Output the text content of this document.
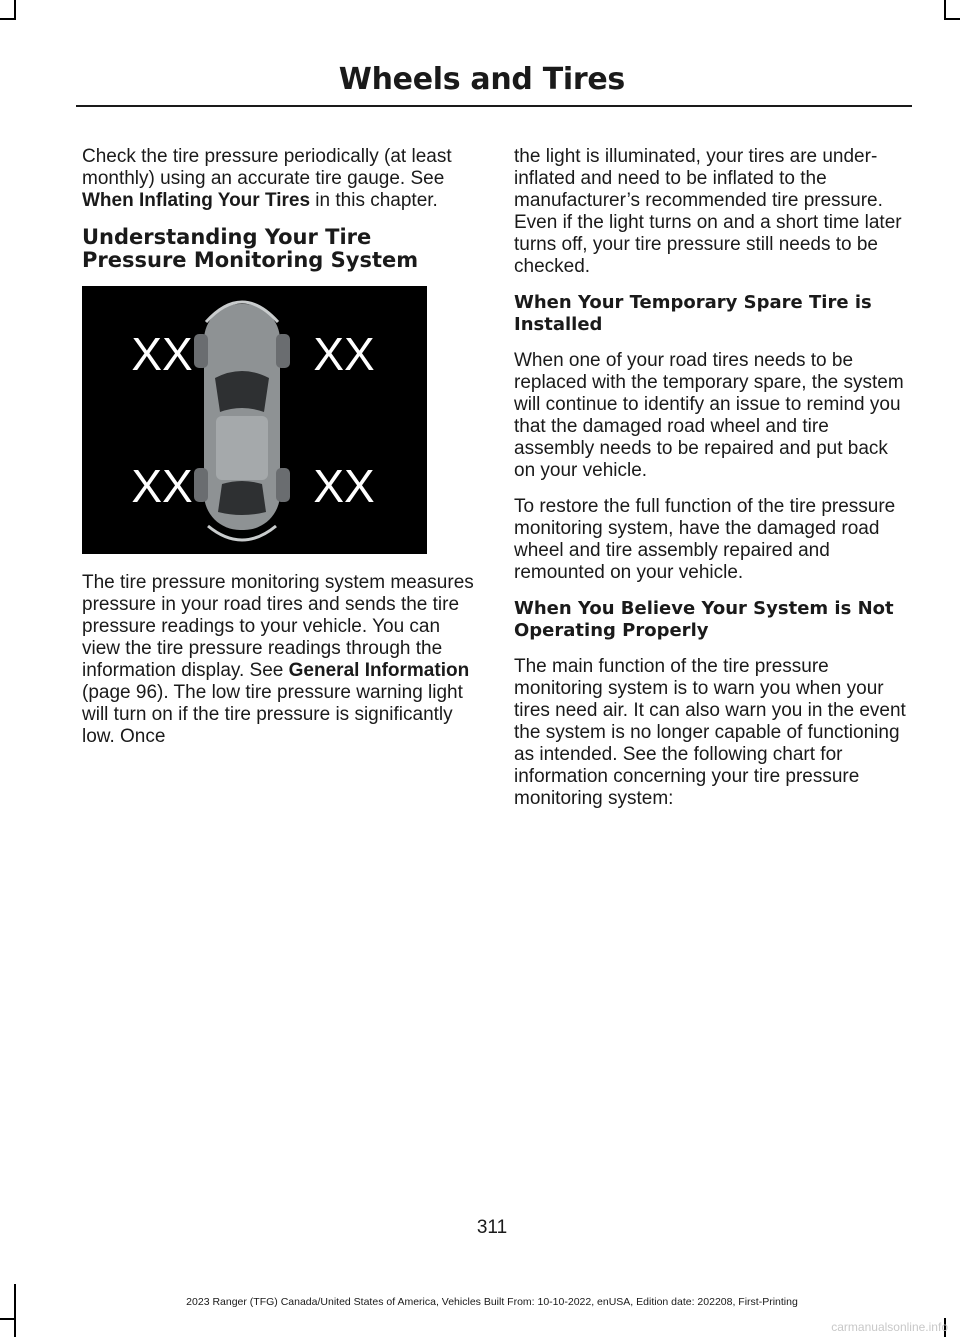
Wheels and Tires

Check the tire pressure periodically (at least monthly) using an accurate tire gauge. See When Inflating Your Tires in this chapter.

Understanding Your Tire Pressure Monitoring System
XX	XX
XX	XX

The tire pressure monitoring system measures pressure in your road tires and sends the tire pressure readings to your vehicle. You can view the tire pressure readings through the information display. See General Information (page 96). The low tire pressure warning light will turn on if the tire pressure is significantly low. Once

the light is illuminated, your tires are under-inflated and need to be inflated to the manufacturer’s recommended tire pressure. Even if the light turns on and a short time later turns off, your tire pressure still needs to be checked.

When Your Temporary Spare Tire is Installed

When one of your road tires needs to be replaced with the temporary spare, the system will continue to identify an issue to remind you that the damaged road wheel and tire assembly needs to be repaired and put back on your vehicle.

To restore the full function of the tire pressure monitoring system, have the damaged road wheel and tire assembly repaired and remounted on your vehicle.

When You Believe Your System is Not Operating Properly

The main function of the tire pressure monitoring system is to warn you when your tires need air. It can also warn you in the event the system is no longer capable of functioning as intended. See the following chart for information concerning your tire pressure monitoring system:

311
2023 Ranger (TFG) Canada/United States of America, Vehicles Built From: 10-10-2022, enUSA, Edition date: 202208, First-Printing
carmanualsonline.info
